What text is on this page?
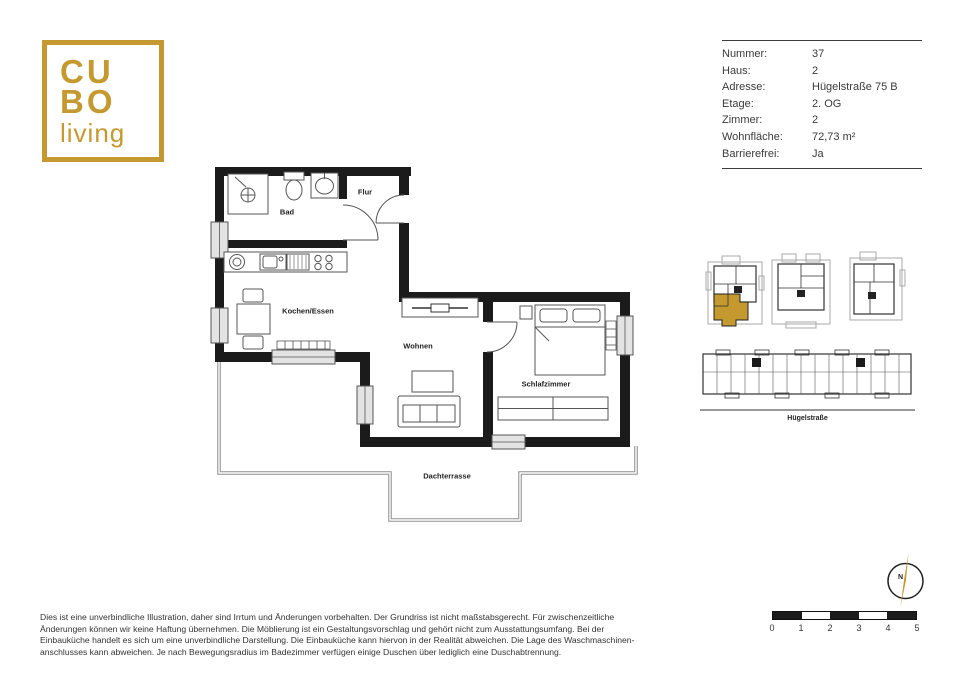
CU
BO
living
Nummer:	37
Haus:	2
Adresse:	Hügelstraße 75 B
Etage:	2. OG
Zimmer:	2
Wohnfläche:	72,73 m²
Barrierefrei:	Ja
Bad
Flur
Kochen/Essen
Wohnen
Schlafzimmer
Dachterrasse
Hügelstraße
N
0	1	2	3	4	5
Dies ist eine unverbindliche Illustration, daher sind Irrtum und Änderungen vorbehalten. Der Grundriss ist nicht maßstabsgerecht. Für zwischenzeitliche
Änderungen können wir keine Haftung übernehmen. Die Möblierung ist ein Gestaltungsvorschlag und gehört nicht zum Ausstattungsumfang. Bei der
Einbauküche handelt es sich um eine unverbindliche Darstellung. Die Einbauküche kann hiervon in der Realität abweichen. Die Lage des Waschmaschinen-
anschlusses kann abweichen. Je nach Bewegungsradius im Badezimmer verfügen einige Duschen über lediglich eine Duschabtrennung.
